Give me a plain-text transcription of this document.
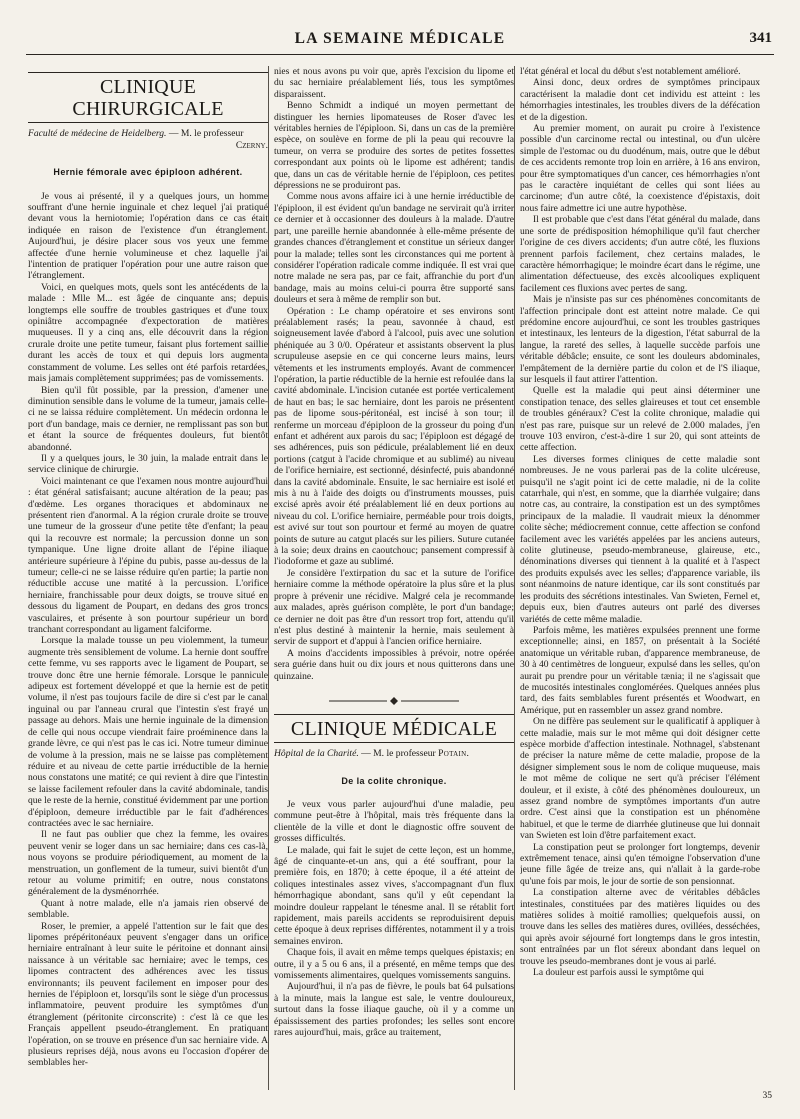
LA SEMAINE MÉDICALE	341
CLINIQUE CHIRURGICALE
Faculté de médecine de Heidelberg. — M. le professeur
Czerny.
Hernie fémorale avec épiploon adhérent.

Je vous ai présenté, il y a quelques jours, un homme souffrant d'une hernie inguinale et chez lequel j'ai pratiqué devant vous la herniotomie; l'opération dans ce cas était indiquée en raison de l'existence d'un étranglement. Aujourd'hui, je désire placer sous vos yeux une femme affectée d'une hernie volumineuse et chez laquelle j'ai l'intention de pratiquer l'opération pour une autre raison que l'étranglement.

Voici, en quelques mots, quels sont les antécédents de la malade : Mlle M... est âgée de cinquante ans; depuis longtemps elle souffre de troubles gastriques et d'une toux opiniâtre accompagnée d'expectoration de matières muqueuses. Il y a cinq ans, elle découvrit dans la région crurale droite une petite tumeur, faisant plus fortement saillie durant les accès de toux et qui depuis lors augmenta constamment de volume. Les selles ont été parfois retardées, mais jamais complètement supprimées; pas de vomissements.

Bien qu'il fût possible, par la pression, d'amener une diminution sensible dans le volume de la tumeur, jamais celle-ci ne se laissa réduire complètement. Un médecin ordonna le port d'un bandage, mais ce dernier, ne remplissant pas son but et étant la source de fréquentes douleurs, fut bientôt abandonné.

Il y a quelques jours, le 30 juin, la malade entrait dans le service clinique de chirurgie.

Voici maintenant ce que l'examen nous montre aujourd'hui : état général satisfaisant; aucune altération de la peau; pas d'œdème. Les organes thoraciques et abdominaux ne présentent rien d'anormal. A la région crurale droite se trouve une tumeur de la grosseur d'une petite tête d'enfant; la peau qui la recouvre est normale; la percussion donne un son tympanique. Une ligne droite allant de l'épine iliaque antérieure supérieure à l'épine du pubis, passe au-dessus de la tumeur; celle-ci ne se laisse réduire qu'en partie; la partie non réductible accuse une matité à la percussion. L'orifice herniaire, franchissable pour deux doigts, se trouve situé en dessous du ligament de Poupart, en dedans des gros troncs vasculaires, et présente à son pourtour supérieur un bord tranchant correspondant au ligament falciforme.

Lorsque la malade tousse un peu violemment, la tumeur augmente très sensiblement de volume. La hernie dont souffre cette femme, vu ses rapports avec le ligament de Poupart, se trouve donc être une hernie fémorale. Lorsque le pannicule adipeux est fortement développé et que la hernie est de petit volume, il n'est pas toujours facile de dire si c'est par le canal inguinal ou par l'anneau crural que l'intestin s'est frayé un passage au dehors. Mais une hernie inguinale de la dimension de celle qui nous occupe viendrait faire proéminence dans la grande lèvre, ce qui n'est pas le cas ici. Notre tumeur diminue de volume à la pression, mais ne se laisse pas complètement réduire et au niveau de cette partie irréductible de la hernie nous constatons une matité; ce qui revient à dire que l'intestin se laisse facilement refouler dans la cavité abdominale, tandis que le reste de la hernie, constitué évidemment par une portion d'épiploon, demeure irréductible par le fait d'adhérences contractées avec le sac herniaire.

Il ne faut pas oublier que chez la femme, les ovaires peuvent venir se loger dans un sac herniaire; dans ces cas-là, nous voyons se produire périodiquement, au moment de la menstruation, un gonflement de la tumeur, suivi bientôt d'un retour au volume primitif; en outre, nous constatons généralement de la dysménorrhée.

Quant à notre malade, elle n'a jamais rien observé de semblable.

Roser, le premier, a appelé l'attention sur le fait que des lipomes prépéritonéaux peuvent s'engager dans un orifice herniaire entraînant à leur suite le péritoine et donnant ainsi naissance à un véritable sac herniaire; avec le temps, ces lipomes contractent des adhérences avec les tissus environnants; ils peuvent facilement en imposer pour des hernies de l'épiploon et, lorsqu'ils sont le siège d'un processus inflammatoire, peuvent produire les symptômes d'un étranglement (péritonite circonscrite) : c'est là ce que les Français appellent pseudo-étranglement. En pratiquant l'opération, on se trouve en présence d'un sac herniaire vide. A plusieurs reprises déjà, nous avons eu l'occasion d'opérer de semblables her-

nies et nous avons pu voir que, après l'excision du lipome et du sac herniaire préalablement liés, tous les symptômes disparaissent.

Benno Schmidt a indiqué un moyen permettant de distinguer les hernies lipomateuses de Roser d'avec les véritables hernies de l'épiploon. Si, dans un cas de la première espèce, on soulève en forme de pli la peau qui recouvre la tumeur, on verra se produire des sortes de petites fossettes correspondant aux points où le lipome est adhérent; tandis que, dans un cas de véritable hernie de l'épiploon, ces petites dépressions ne se produiront pas.

Comme nous avons affaire ici à une hernie irréductible de l'épiploon, il est évident qu'un bandage ne servirait qu'à irriter ce dernier et à occasionner des douleurs à la malade. D'autre part, une pareille hernie abandonnée à elle-même présente de grandes chances d'étranglement et constitue un sérieux danger pour la malade; telles sont les circonstances qui me portent à considérer l'opération radicale comme indiquée. Il est vrai que notre malade ne sera pas, par ce fait, affranchie du port d'un bandage, mais au moins celui-ci pourra être supporté sans douleurs et sera à même de remplir son but.

Opération : Le champ opératoire et ses environs sont préalablement rasés; la peau, savonnée à chaud, est soigneusement lavée d'abord à l'alcool, puis avec une solution phéniquée au 3 0/0. Opérateur et assistants observent la plus scrupuleuse asepsie en ce qui concerne leurs mains, leurs vêtements et les instruments employés. Avant de commencer l'opération, la partie réductible de la hernie est refoulée dans la cavité abdominale. L'incision cutanée est portée verticalement de haut en bas; le sac herniaire, dont les parois ne présentent pas de lipome sous-péritonéal, est incisé à son tour; il renferme un morceau d'épiploon de la grosseur du poing d'un enfant et adhérent aux parois du sac; l'épiploon est dégagé de ses adhérences, puis son pédicule, préalablement lié en deux portions (catgut à l'acide chromique et au sublimé) au niveau de l'orifice herniaire, est sectionné, désinfecté, puis abandonné dans la cavité abdominale. Ensuite, le sac herniaire est isolé et mis à nu à l'aide des doigts ou d'instruments mousses, puis excisé après avoir été préalablement lié en deux portions au niveau du col. L'orifice herniaire, perméable pour trois doigts, est avivé sur tout son pourtour et fermé au moyen de quatre points de suture au catgut placés sur les piliers. Suture cutanée à la soie; deux drains en caoutchouc; pansement compressif à l'iodoforme et gaze au sublimé.

Je considère l'extirpation du sac et la suture de l'orifice herniaire comme la méthode opératoire la plus sûre et la plus propre à prévenir une récidive. Malgré cela je recommande aux malades, après guérison complète, le port d'un bandage; ce dernier ne doit pas être d'un ressort trop fort, attendu qu'il n'est plus destiné à maintenir la hernie, mais seulement à servir de support et d'appui à l'ancien orifice herniaire.

A moins d'accidents impossibles à prévoir, notre opérée sera guérie dans huit ou dix jours et nous quitterons dans une quinzaine.

CLINIQUE MÉDICALE
Hôpital de la Charité. — M. le professeur Potain.
De la colite chronique.

Je veux vous parler aujourd'hui d'une maladie, peu commune peut-être à l'hôpital, mais très fréquente dans la clientèle de la ville et dont le diagnostic offre souvent de grosses difficultés.

Le malade, qui fait le sujet de cette leçon, est un homme, âgé de cinquante-et-un ans, qui a été souffrant, pour la première fois, en 1870; à cette époque, il a été atteint de coliques intestinales assez vives, s'accompagnant d'un flux hémorrhagique abondant, sans qu'il y eût cependant la moindre douleur rappelant le ténesme anal. Il se rétablit fort rapidement, mais pareils accidents se reproduisirent depuis cette époque à deux reprises différentes, notamment il y a trois semaines environ.

Chaque fois, il avait en même temps quelques épistaxis; en outre, il y a 5 ou 6 ans, il a présenté, en même temps que des vomissements alimentaires, quelques vomissements sanguins.

Aujourd'hui, il n'a pas de fièvre, le pouls bat 64 pulsations à la minute, mais la langue est sale, le ventre douloureux, surtout dans la fosse iliaque gauche, où il y a comme un épaississement des parties profondes; les selles sont encore rares aujourd'hui, mais, grâce au traitement,

l'état général et local du début s'est notablement amélioré.

Ainsi donc, deux ordres de symptômes principaux caractérisent la maladie dont cet individu est atteint : les hémorrhagies intestinales, les troubles divers de la défécation et de la digestion.

Au premier moment, on aurait pu croire à l'existence possible d'un carcinome rectal ou intestinal, ou d'un ulcère simple de l'estomac ou du duodénum, mais, outre que le début de ces accidents remonte trop loin en arrière, à 16 ans environ, pour être symptomatiques d'un cancer, ces hémorrhagies n'ont pas le caractère inquiétant de celles qui sont liées au carcinome; d'un autre côté, la coexistence d'épistaxis, doit nous faire admettre ici une autre hypothèse.

Il est probable que c'est dans l'état général du malade, dans une sorte de prédisposition hémophilique qu'il faut chercher l'origine de ces divers accidents; d'un autre côté, les fluxions prennent parfois facilement, chez certains malades, le caractère hémorrhagique; le moindre écart dans le régime, une alimentation défectueuse, des excès alcooliques expliquent facilement ces fluxions avec pertes de sang.

Mais je n'insiste pas sur ces phénomènes concomitants de l'affection principale dont est atteint notre malade. Ce qui prédomine encore aujourd'hui, ce sont les troubles gastriques et intestinaux, les lenteurs de la digestion, l'état saburral de la langue, la rareté des selles, à laquelle succède parfois une véritable débâcle; ensuite, ce sont les douleurs abdominales, l'empâtement de la dernière partie du colon et de l'S iliaque, sur lesquels il faut attirer l'attention.

Quelle est la maladie qui peut ainsi déterminer une constipation tenace, des selles glaireuses et tout cet ensemble de troubles généraux? C'est la colite chronique, maladie qui n'est pas rare, puisque sur un relevé de 2.000 malades, j'en trouve 103 environ, c'est-à-dire 1 sur 20, qui sont atteints de cette affection.

Les diverses formes cliniques de cette maladie sont nombreuses. Je ne vous parlerai pas de la colite ulcéreuse, puisqu'il ne s'agit point ici de cette maladie, ni de la colite catarrhale, qui n'est, en somme, que la diarrhée vulgaire; dans notre cas, au contraire, la constipation est un des symptômes principaux de la maladie. Il vaudrait mieux la dénommer colite sèche; médiocrement connue, cette affection se confond facilement avec les variétés appelées par les anciens auteurs, colite glutineuse, pseudo-membraneuse, glaireuse, etc., dénominations diverses qui tiennent à la qualité et à l'aspect des produits expulsés avec les selles; d'apparence variable, ils sont néanmoins de nature identique, car ils sont constitués par les produits des sécrétions intestinales. Van Swieten, Fernel et, depuis eux, bien d'autres auteurs ont parlé des diverses variétés de cette même maladie.

Parfois même, les matières expulsées prennent une forme exceptionnelle; ainsi, en 1857, on présentait à la Société anatomique un véritable ruban, d'apparence membraneuse, de 30 à 40 centimètres de longueur, expulsé dans les selles, qu'on aurait pu prendre pour un véritable tænia; il ne s'agissait que de mucosités intestinales conglomérées. Quelques années plus tard, des faits semblables furent présentés et Woodwart, en Amérique, put en rassembler un assez grand nombre.

On ne diffère pas seulement sur le qualificatif à appliquer à cette maladie, mais sur le mot même qui doit désigner cette espèce morbide d'affection intestinale. Nothnagel, s'abstenant de préciser la nature même de cette maladie, propose de la désigner simplement sous le nom de colique muqueuse, mais le mot même de colique ne sert qu'à préciser l'élément douleur, et il existe, à côté des phénomènes douloureux, un assez grand nombre de symptômes importants d'un autre ordre. C'est ainsi que la constipation est un phénomène habituel, et que le terme de diarrhée glutineuse que lui donnait van Swieten est loin d'être parfaitement exact.

La constipation peut se prolonger fort longtemps, devenir extrêmement tenace, ainsi qu'en témoigne l'observation d'une jeune fille âgée de treize ans, qui n'allait à la garde-robe qu'une fois par mois, le jour de sortie de son pensionnat.

La constipation alterne avec de véritables débâcles intestinales, constituées par des matières liquides ou des matières solides à moitié ramollies; quelquefois aussi, on trouve dans les selles des matières dures, ovillées, desséchées, qui après avoir séjourné fort longtemps dans le gros intestin, sont entraînées par un flot séreux abondant dans lequel on trouve les pseudo-membranes dont je vous ai parlé.

La douleur est parfois aussi le symptôme qui

35
